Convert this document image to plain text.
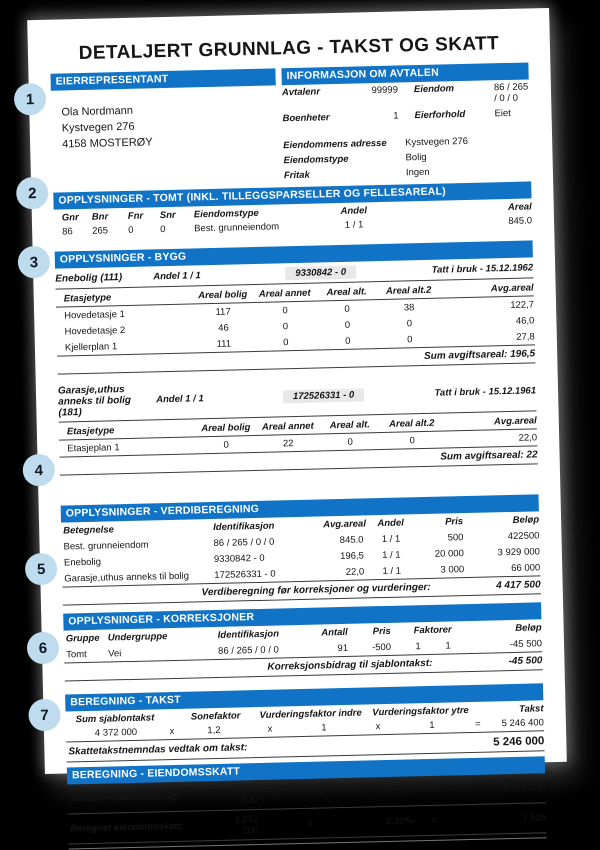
1
2
3
4
5
6
7
DETALJERT GRUNNLAG - TAKST OG SKATT
EIERREPRESENTANT
Ola Nordmann
Kystvegen 276
4158 MOSTERØY
INFORMASJON OM AVTALEN
Avtalenr	99999 Eiendom	86 / 265 / 0 / 0
Boenheter	1 Eierforhold	Eiet
Eiendommens adresse	Kystvegen 276
Eiendomstype	Bolig
Fritak	Ingen
OPPLYSNINGER - TOMT (INKL. TILLEGGSPARSELLER OG FELLESAREAL)
Gnr	Bnr	Fnr	Snr	Eiendomstype	Andel	Areal
86	265	0	0	Best. grunneiendom	1 / 1	845.0
OPPLYSNINGER - BYGG
Enebolig (111)	Andel 1 / 1	9330842 - 0	Tatt i bruk - 15.12.1962
Etasjetype	Areal bolig	Areal annet	Areal alt.	Areal alt.2	Avg.areal
Hovedetasje 1	117	0	0	38	122,7
Hovedetasje 2	46	0	0	0	46,0
Kjellerplan 1	111	0	0	0	27,8
Sum avgiftsareal: 196,5
Garasje,uthus anneks til bolig (181)
Andel 1 / 1	172526331 - 0	Tatt i bruk - 15.12.1961
Etasjetype	Areal bolig	Areal annet	Areal alt.	Areal alt.2	Avg.areal
Etasjeplan 1	0	22	0	0	22,0
Sum avgiftsareal: 22
OPPLYSNINGER - VERDIBEREGNING
Betegnelse	Identifikasjon	Avg.areal	Andel	Pris	Beløp
Best. grunneiendom	86 / 265 / 0 / 0	845.0	1 / 1	500	422500
Enebolig	9330842 - 0	196,5	1 / 1	20 000	3 929 000
Garasje,uthus anneks til bolig	172526331 - 0	22,0	1 / 1	3 000	66 000
Verdiberegning før korreksjoner og vurderinger:	4 417 500
OPPLYSNINGER - KORREKSJONER
Gruppe Undergruppe	Identifikasjon	Antall	Pris	Faktorer	Beløp
Tomt	Vei	86 / 265 / 0 / 0	91	-500	1	1	-45 500
Korreksjonsbidrag til sjablontakst:	-45 500
BEREGNING - TAKST
Sum sjablontakst	Sonefaktor	Vurderingsfaktor indre	Vurderingsfaktor ytre	Takst
4 372 000	x	1,2	x	1	x	1	=	5 246 400
Skattetakstnemndas vedtak om takst:
5 246 000
BEREGNING - EIENDOMSSKATT
Skattenivå/bunnfradrag:
5 246 000
x	70%	-	400 000	=	3 272 200
Beregnet eiendomsskatt:
3 272 200
x	2,30‰	=	7 526
